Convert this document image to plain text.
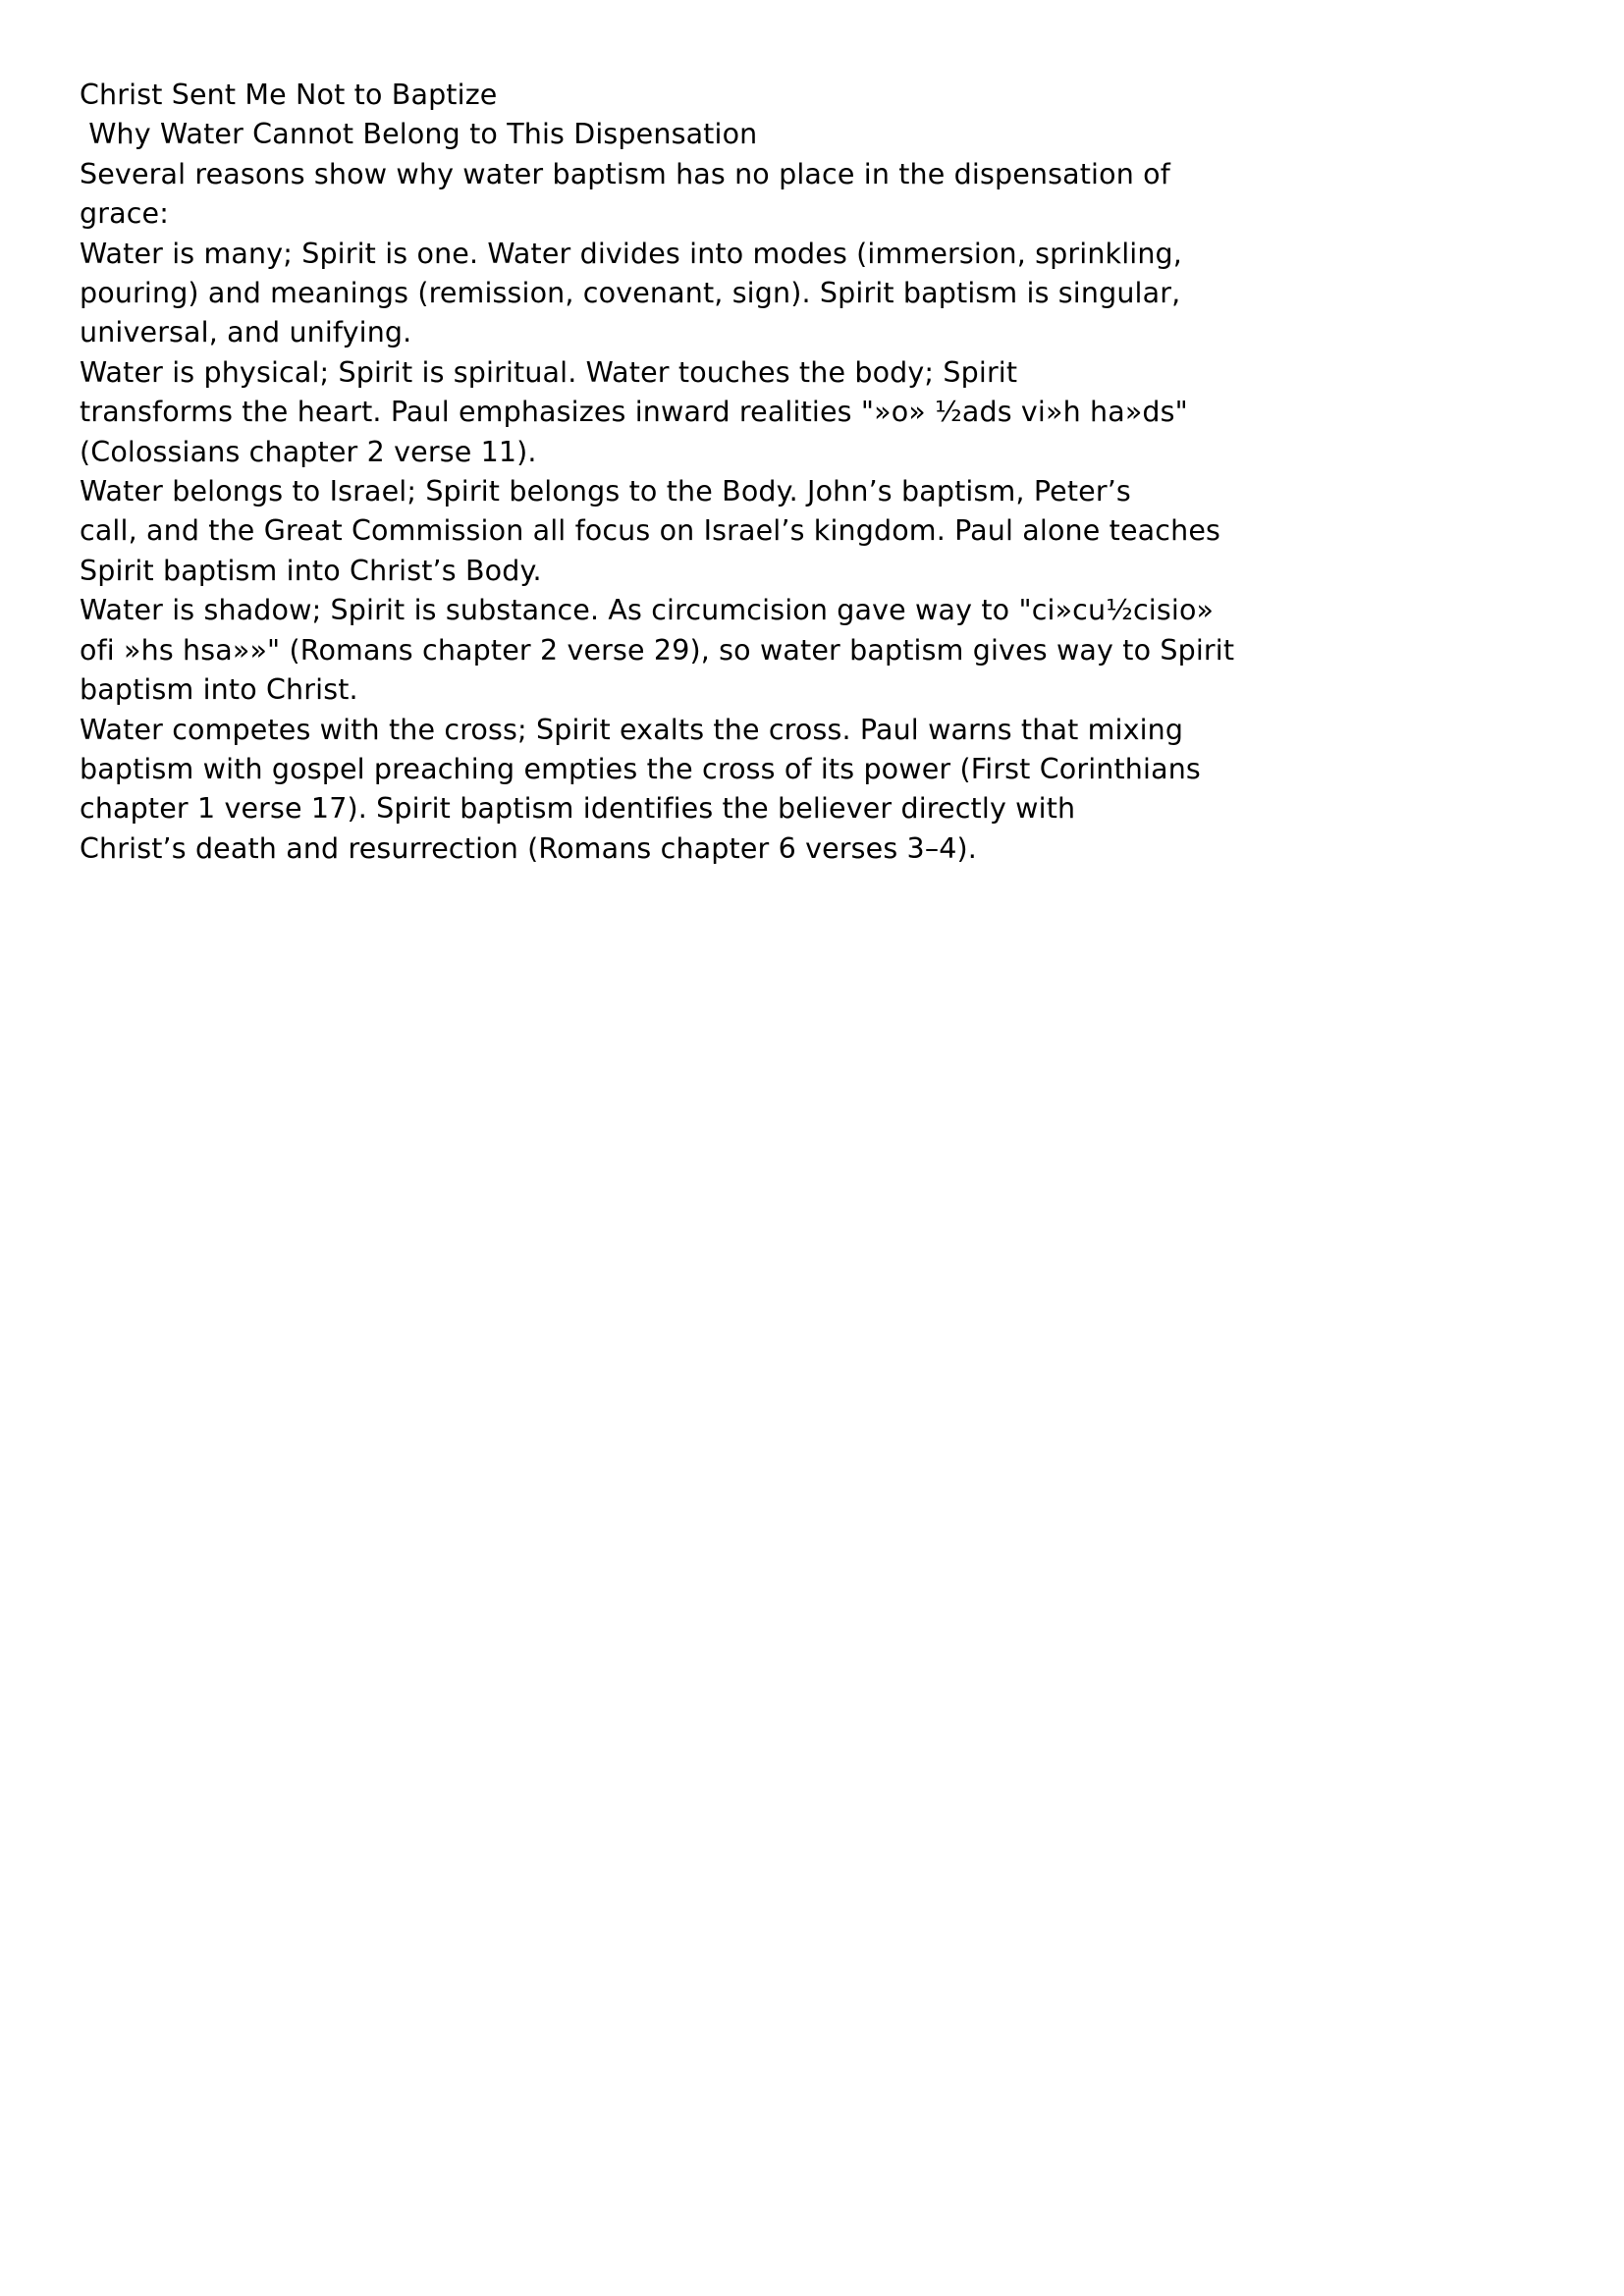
Christ Sent Me Not to Baptize
Why Water Cannot Belong to This Dispensation
Several reasons show why water baptism has no place in the dispensation of
grace:
Water is many; Spirit is one. Water divides into modes (immersion, sprinkling,
pouring) and meanings (remission, covenant, sign). Spirit baptism is singular,
universal, and unifying.
Water is physical; Spirit is spiritual. Water touches the body; Spirit
transforms the heart. Paul emphasizes inward realities "»o» ½ads vi»h ha»ds"
(Colossians chapter 2 verse 11).
Water belongs to Israel; Spirit belongs to the Body. John’s baptism, Peter’s
call, and the Great Commission all focus on Israel’s kingdom. Paul alone teaches
Spirit baptism into Christ’s Body.
Water is shadow; Spirit is substance. As circumcision gave way to "ci»cu½cisio»
ofi »hs hsa»»" (Romans chapter 2 verse 29), so water baptism gives way to Spirit
baptism into Christ.
Water competes with the cross; Spirit exalts the cross. Paul warns that mixing
baptism with gospel preaching empties the cross of its power (First Corinthians
chapter 1 verse 17). Spirit baptism identifies the believer directly with
Christ’s death and resurrection (Romans chapter 6 verses 3–4).
